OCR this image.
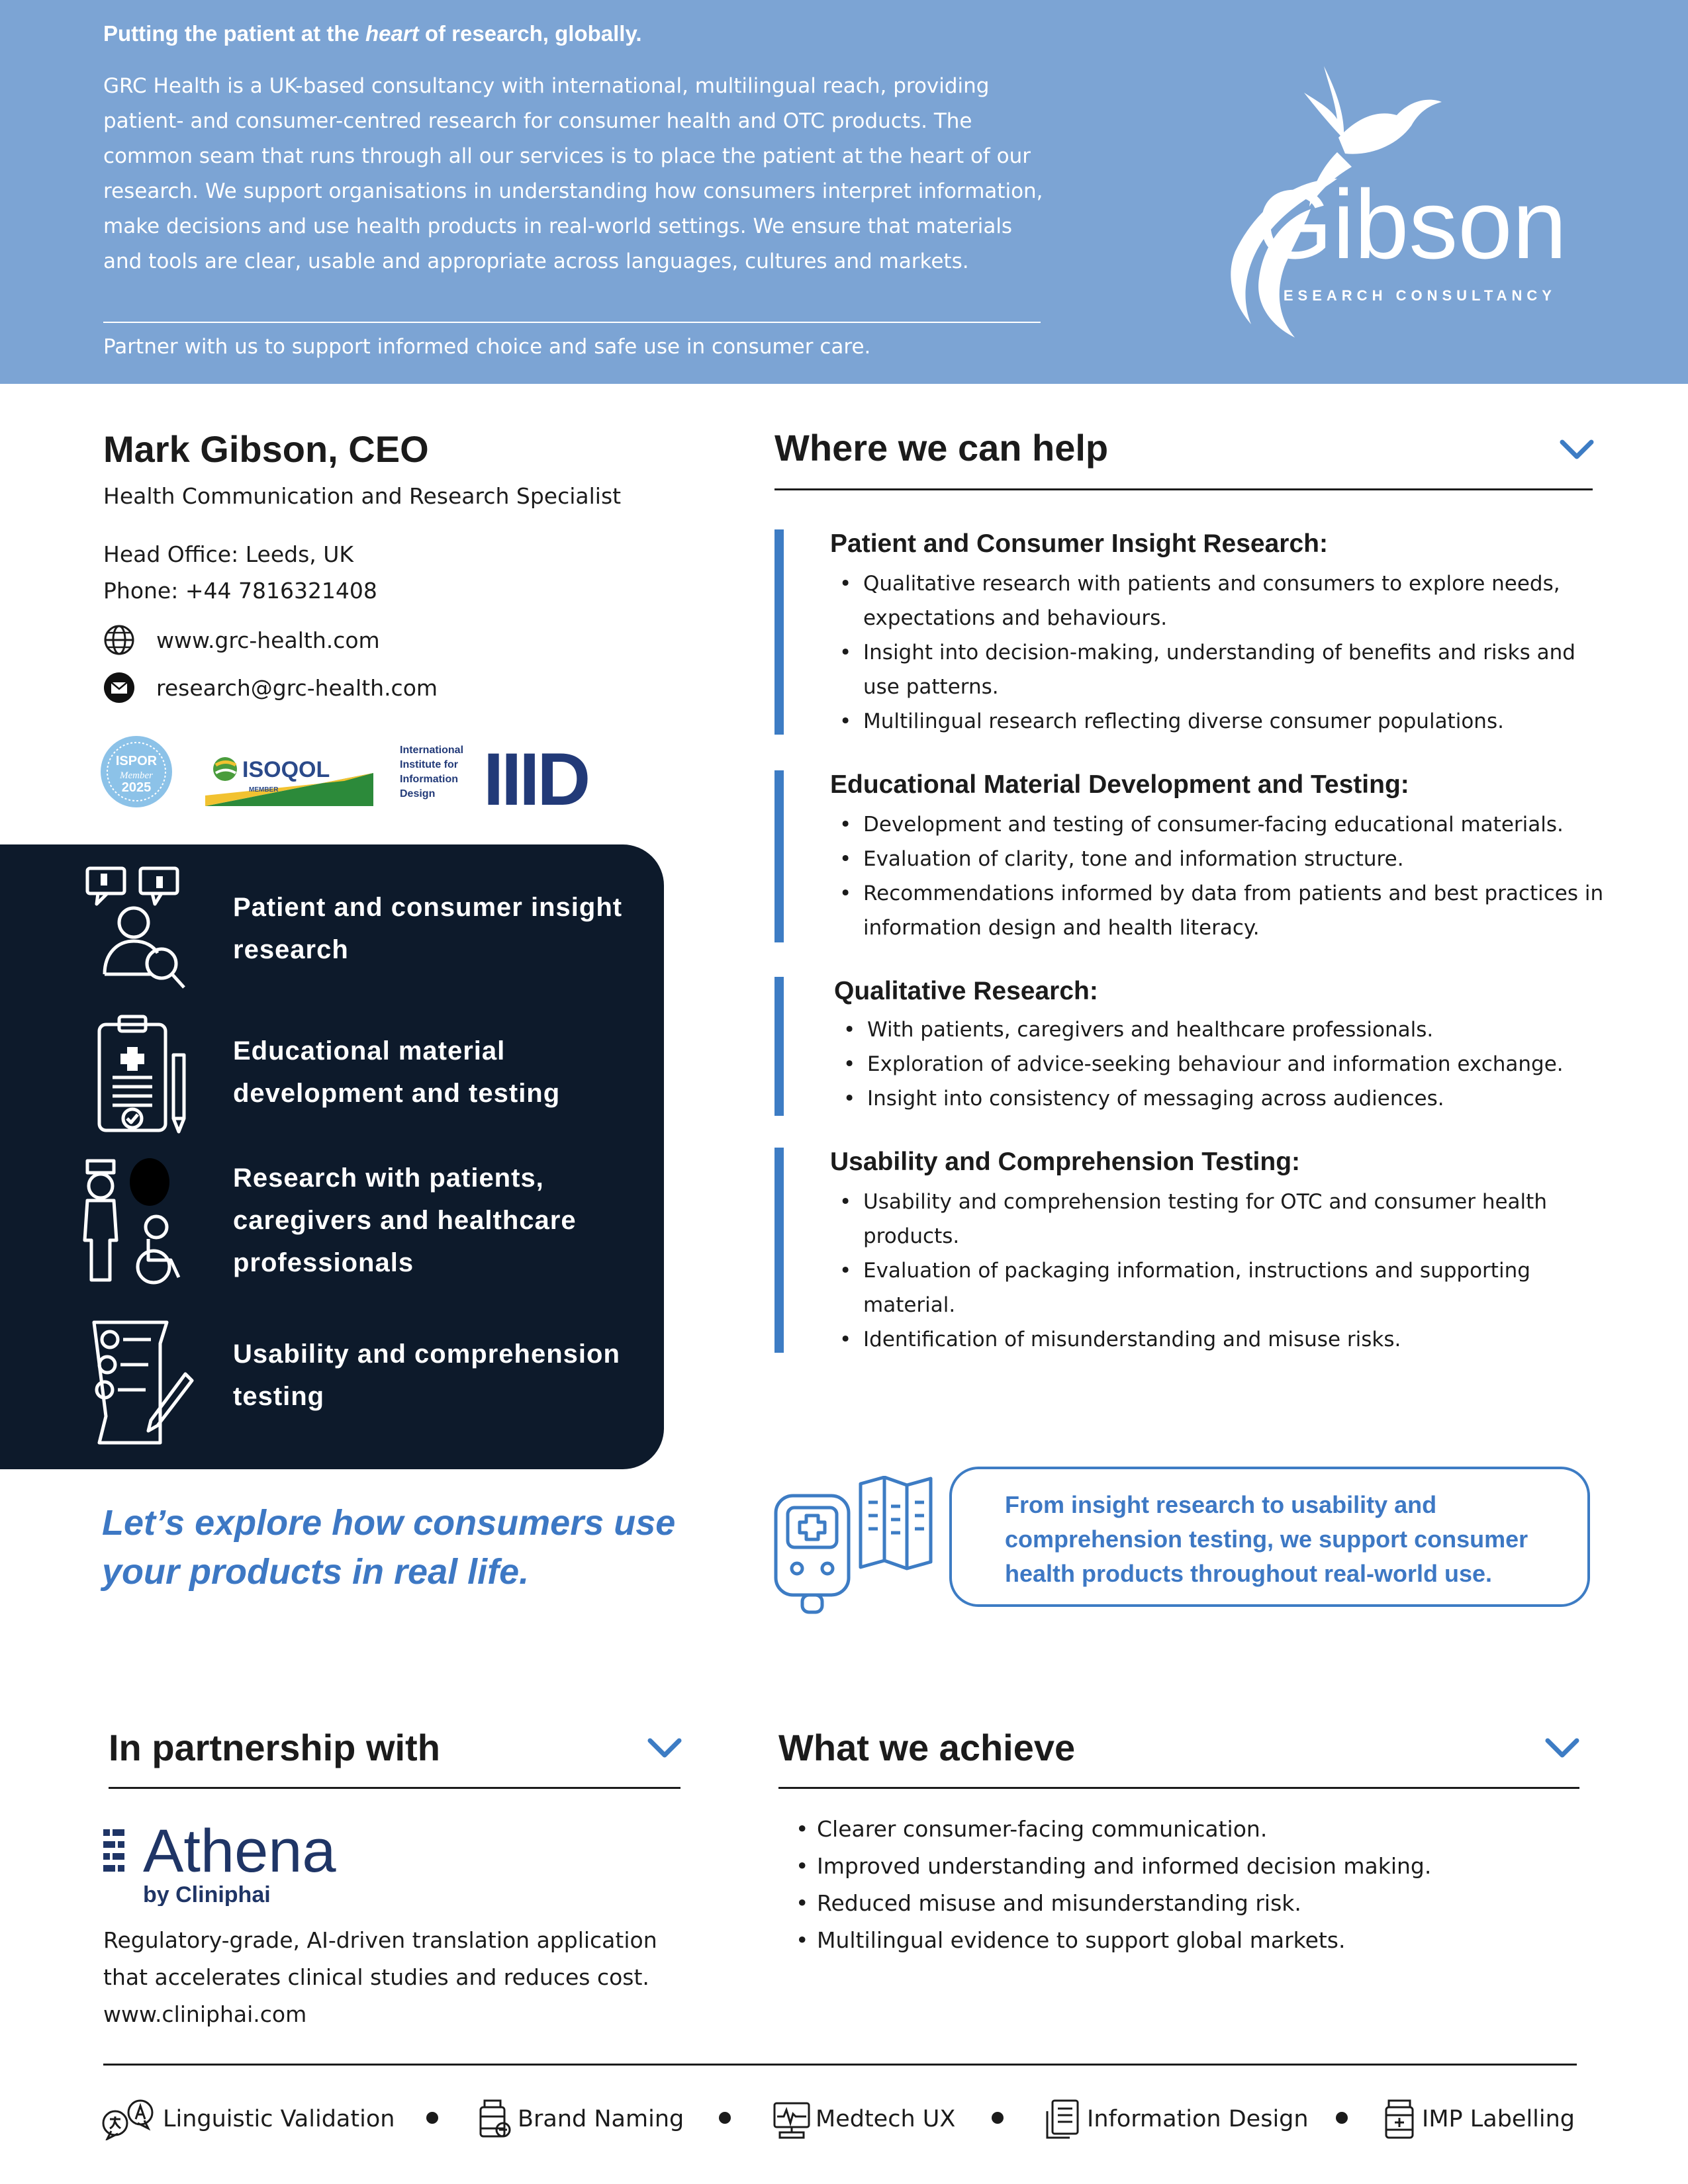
Putting the patient at the heart of research, globally.
GRC Health is a UK-based consultancy with international, multilingual reach, providing patient- and consumer-centred research for consumer health and OTC products. The common seam that runs through all our services is to place the patient at the heart of our research. We support organisations in understanding how consumers interpret information, make decisions and use health products in real-world settings. We ensure that materials and tools are clear, usable and appropriate across languages, cultures and markets.
Partner with us to support informed choice and safe use in consumer care.
Gibson
RESEARCH CONSULTANCY
Mark Gibson, CEO
Health Communication and Research Specialist
Head Office: Leeds, UK
Phone: +44 7816321408
www.grc-health.com
research@grc-health.com
ISPOR
Member
2025
ISOQOL
MEMBER
International
Institute for
Information
Design IIID
Patient and consumer insight research
Educational material development and testing
Research with patients, caregivers and healthcare professionals
Usability and comprehension testing
Let’s explore how consumers use your products in real life.
Where we can help
Patient and Consumer Insight Research:
• Qualitative research with patients and consumers to explore needs, expectations and behaviours.
• Insight into decision-making, understanding of benefits and risks and use patterns.
• Multilingual research reflecting diverse consumer populations.
Educational Material Development and Testing:
• Development and testing of consumer-facing educational materials.
• Evaluation of clarity, tone and information structure.
• Recommendations informed by data from patients and best practices in information design and health literacy.
Qualitative Research:
• With patients, caregivers and healthcare professionals.
• Exploration of advice-seeking behaviour and information exchange.
• Insight into consistency of messaging across audiences.
Usability and Comprehension Testing:
• Usability and comprehension testing for OTC and consumer health products.
• Evaluation of packaging information, instructions and supporting material.
• Identification of misunderstanding and misuse risks.
From insight research to usability and comprehension testing, we support consumer health products throughout real-world use.
In partnership with
Athena
by Cliniphai
Regulatory-grade, AI-driven translation application that accelerates clinical studies and reduces cost.
www.cliniphai.com
What we achieve
• Clearer consumer-facing communication.
• Improved understanding and informed decision making.
• Reduced misuse and misunderstanding risk.
• Multilingual evidence to support global markets.
Linguistic Validation	Brand Naming	Medtech UX	Information Design	IMP Labelling
